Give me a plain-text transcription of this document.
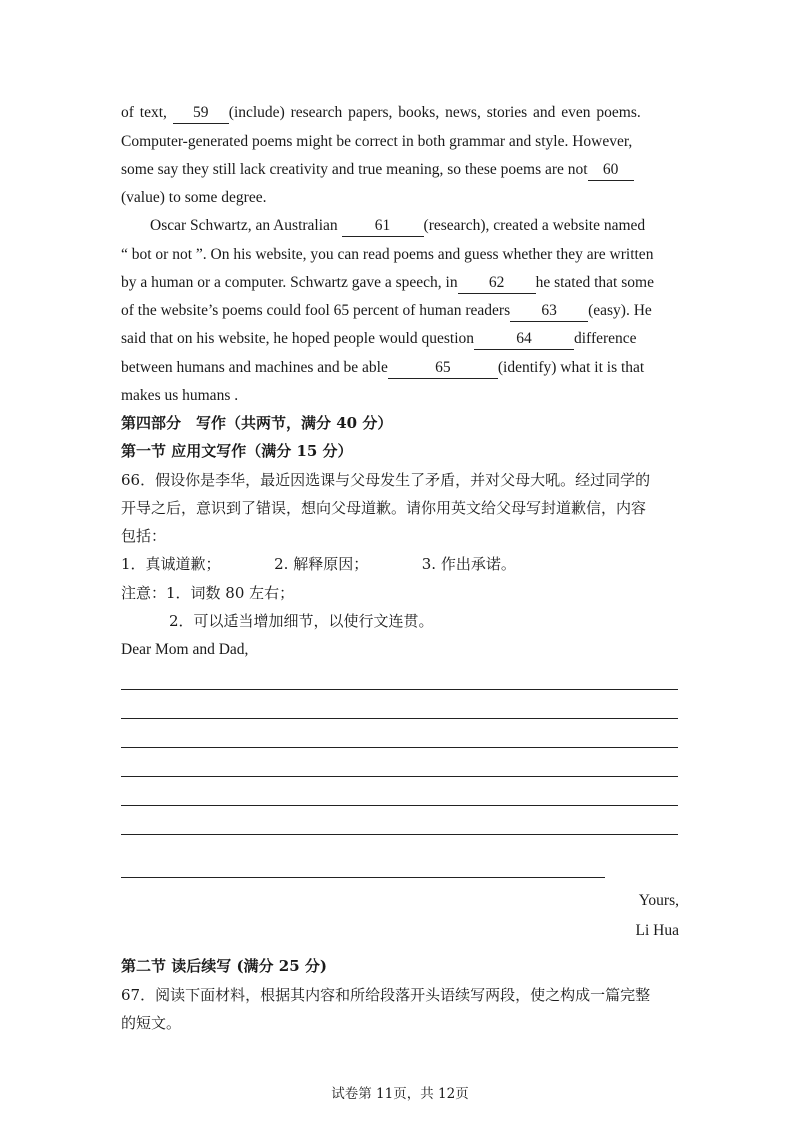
of text, 59 (include) research papers, books, news, stories and even poems.
Computer-generated poems might be correct in both grammar and style. However,
some say they still lack creativity and true meaning, so these poems are not 60
(value) to some degree.
Oscar Schwartz, an Australian 61 (research), created a website named
“ bot or not ”. On his website, you can read poems and guess whether they are written
by a human or a computer. Schwartz gave a speech, in 62 he stated that some
of the website’s poems could fool 65 percent of human readers 63 (easy). He
said that on his website, he hoped people would question	64	difference
between humans and machines and be able	65	(identify) what it is that
makes us humans .
第四部分　写作（共两节，满分 40 分）
第一节 应用文写作（满分 15 分）
66．假设你是李华，最近因选课与父母发生了矛盾，并对父母大吼。经过同学的
开导之后，意识到了错误，想向父母道歉。请你用英文给父母写封道歉信，内容
包括：
1．真诚道歉；	2. 解释原因；	3. 作出承诺。
注意：1．词数 80 左右；
2．可以适当增加细节，以使行文连贯。
Dear Mom and Dad,
Yours,
Li Hua
第二节 读后续写 (满分 25 分)
67．阅读下面材料，根据其内容和所给段落开头语续写两段，使之构成一篇完整
的短文。
试卷第 11页，共 12页
